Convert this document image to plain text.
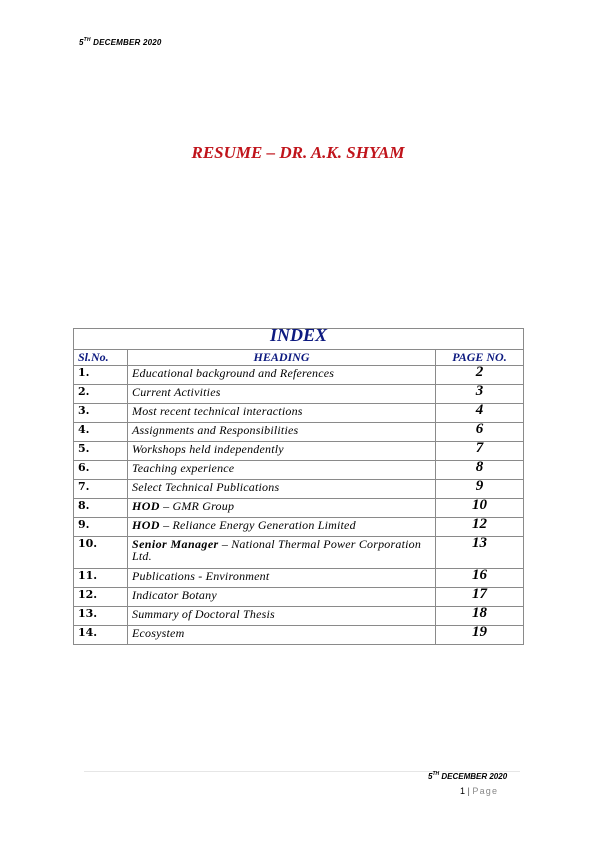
5TH DECEMBER 2020
RESUME – DR. A.K. SHYAM
INDEX		
Sl.No.	HEADING	PAGE NO.
1.	Educational background and References	2
2.	Current Activities	3
3.	Most recent technical interactions	4
4.	Assignments and Responsibilities	6
5.	Workshops held independently	7
6.	Teaching experience	8
7.	Select Technical Publications	9
8.	HOD – GMR Group	10
9.	HOD – Reliance Energy Generation Limited	12
10.	Senior Manager – National Thermal Power Corporation Ltd.	13
11.	Publications - Environment	16
12.	Indicator Botany	17
13.	Summary of Doctoral Thesis	18
14.	Ecosystem	19
5TH DECEMBER 2020
1 | Page
